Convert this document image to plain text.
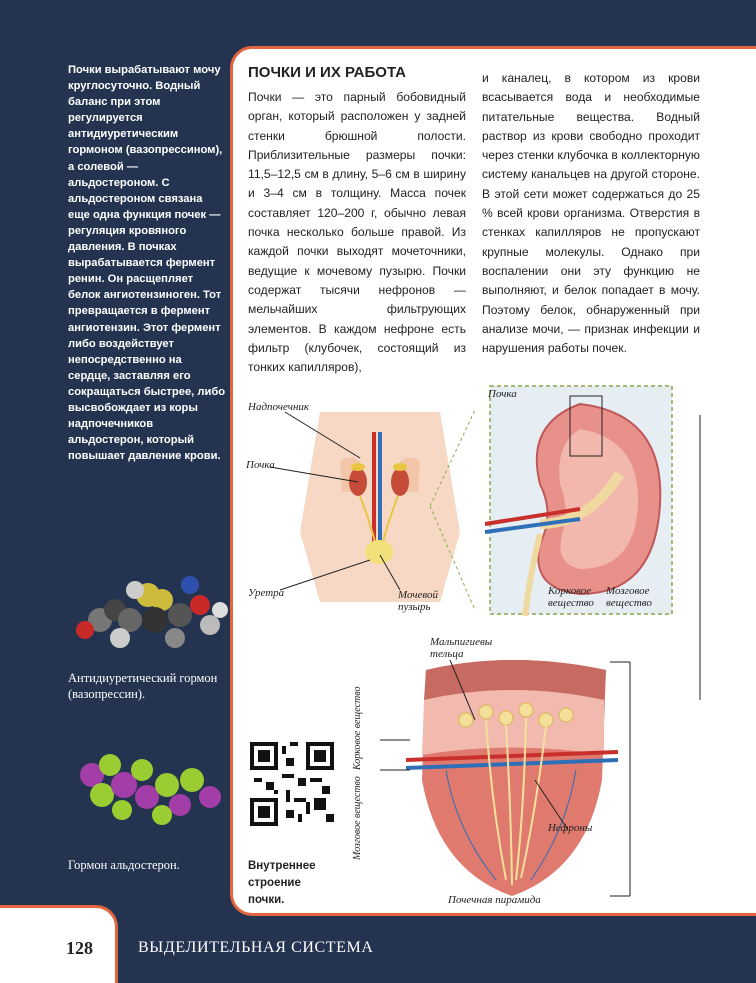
Почки вырабатывают мочу круглосуточно. Водный баланс при этом регулируется антидиуретическим гормоном (вазопрессином), а солевой — альдостероном. С альдостероном связана еще одна функция почек — регуляция кровяного давления. В почках вырабатывается фермент ренин. Он расщепляет белок ангиотензиноген. Тот превращается в фермент ангиотензин. Этот фермент либо воздействует непосредственно на сердце, заставляя его сокращаться быстрее, либо высвобождает из коры надпочечников альдостерон, который повышает давление крови.
Антидиуретический гормон (вазопрессин).
Гормон альдостерон.
ПОЧКИ И ИХ РАБОТА
Почки — это парный бобовидный орган, который расположен у задней стенки брюшной полости. Приблизительные размеры почки: 11,5–12,5 см в длину, 5–6 см в ширину и 3–4 см в толщину. Масса почек составляет 120–200 г, обычно левая почка несколько больше правой. Из каждой почки выходят мочеточники, ведущие к мочевому пузырю. Почки содержат тысячи нефронов — мельчайших фильтрующих элементов. В каждом нефроне есть фильтр (клубочек, состоящий из тонких капилляров),
и каналец, в котором из крови всасывается вода и необходимые питательные вещества. Водный раствор из крови свободно проходит через стенки клубочка в коллекторную систему канальцев на другой стороне. В этой сети может содержаться до 25 % всей крови организма. Отверстия в стенках капилляров не пропускают крупные молекулы. Однако при воспалении они эту функцию не выполняют, и белок попадает в мочу. Поэтому белок, обнаруженный при анализе мочи, — признак инфекции и нарушения работы почек.
Надпочечник
Почка
Уретра	Мочевой пузырь
Почка
Корковое вещество
Мозговое вещество
Мальпигиевы тельца
Нефроны
Почечная пирамида
Корковое вещество
Мозговое вещество
Внутреннее строение почки.
128	ВЫДЕЛИТЕЛЬНАЯ СИСТЕМА
